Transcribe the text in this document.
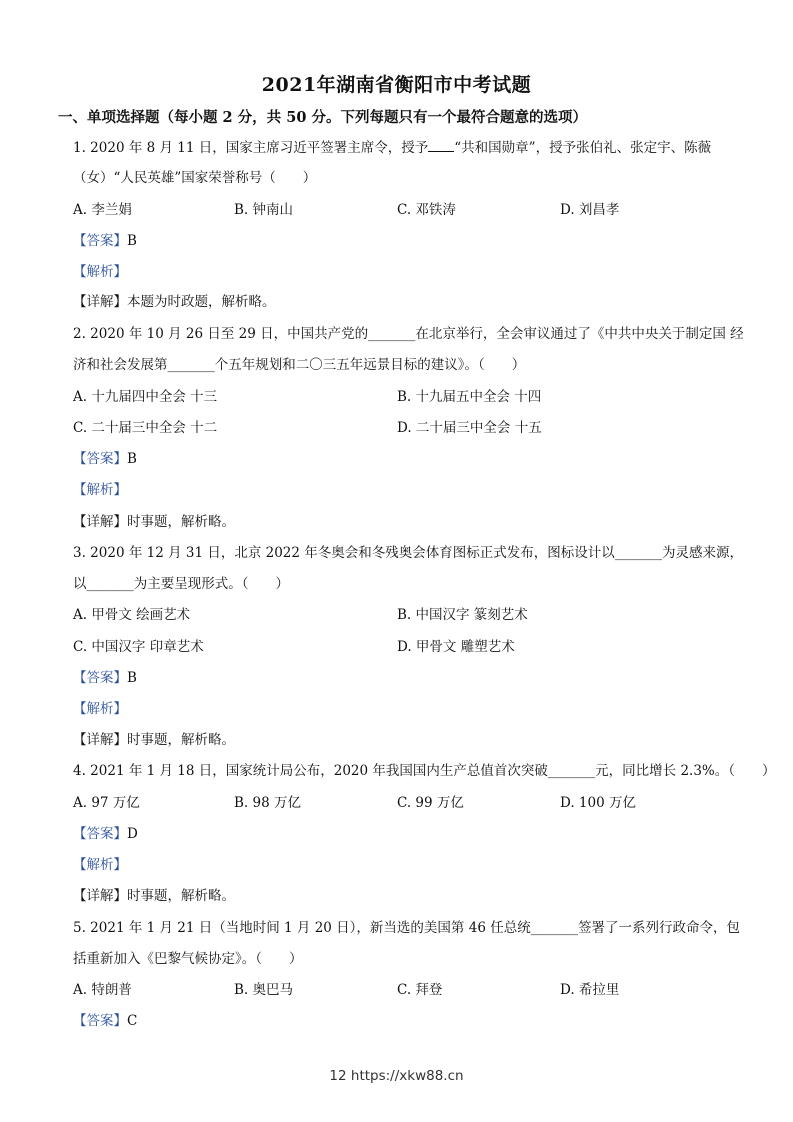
2021年湖南省衡阳市中考试题
一、单项选择题（每小题 2 分，共 50 分。下列每题只有一个最符合题意的选项）
1. 2020 年 8 月 11 日，国家主席习近平签署主席令，授予 “共和国勋章”，授予张伯礼、张定宇、陈薇
（女）“人民英雄”国家荣誉称号（　　）
A. 李兰娟	B. 钟南山	C. 邓铁涛	D. 刘昌孝
【答案】B
【解析】
【详解】本题为时政题，解析略。
2. 2020 年 10 月 26 日至 29 日，中国共产党的_______在北京举行，全会审议通过了《中共中央关于制定国 经
济和社会发展第_______个五年规划和二〇三五年远景目标的建议》。（　　）
A. 十九届四中全会 十三	B. 十九届五中全会 十四
C. 二十届三中全会 十二	D. 二十届三中全会 十五
【答案】B
【解析】
【详解】时事题，解析略。
3. 2020 年 12 月 31 日，北京 2022 年冬奥会和冬残奥会体育图标正式发布，图标设计以_______为灵感来源，
以_______为主要呈现形式。（　　）
A. 甲骨文 绘画艺术	B. 中国汉字 篆刻艺术
C. 中国汉字 印章艺术	D. 甲骨文 雕塑艺术
【答案】B
【解析】
【详解】时事题，解析略。
4. 2021 年 1 月 18 日，国家统计局公布，2020 年我国国内生产总值首次突破_______元，同比增长 2.3%。（　　）
A. 97 万亿	B. 98 万亿	C. 99 万亿	D. 100 万亿
【答案】D
【解析】
【详解】时事题，解析略。
5. 2021 年 1 月 21 日（当地时间 1 月 20 日），新当选的美国第 46 任总统_______签署了一系列行政命令，包
括重新加入《巴黎气候协定》。（　　）
A. 特朗普	B. 奥巴马	C. 拜登	D. 希拉里
【答案】C
12 https://xkw88.cn
